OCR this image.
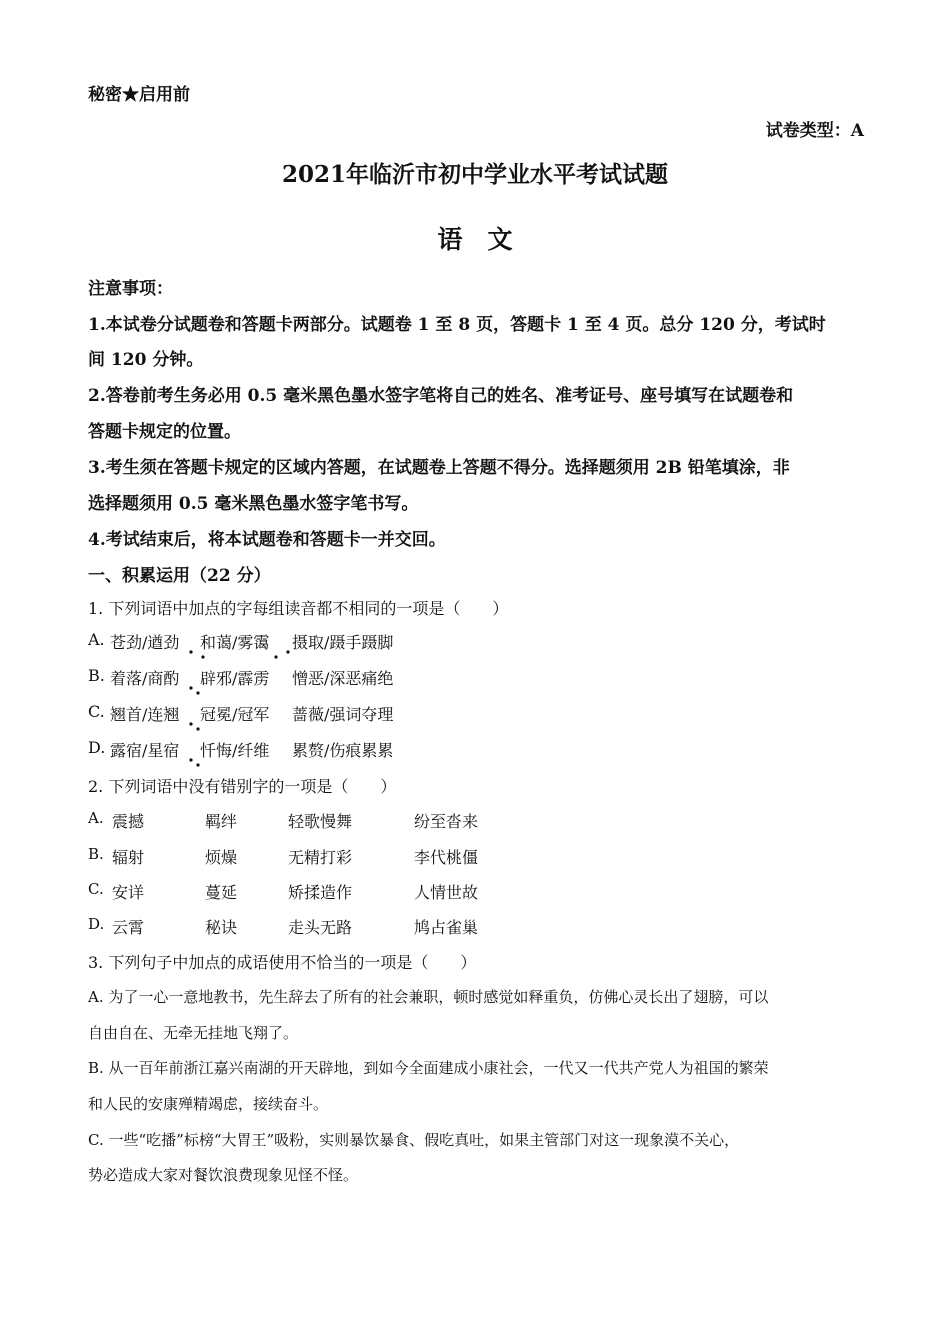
秘密★启用前
试卷类型：A
2021年临沂市初中学业水平考试试题
语　文
注意事项：
1.本试卷分试题卷和答题卡两部分。试题卷 1 至 8 页，答题卡 1 至 4 页。总分 120 分，考试时
间 120 分钟。
2.答卷前考生务必用 0.5 毫米黑色墨水签字笔将自己的姓名、准考证号、座号填写在试题卷和
答题卡规定的位置。
3.考生须在答题卡规定的区域内答题，在试题卷上答题不得分。选择题须用 2B 铅笔填涂，非
选择题须用 0.5 毫米黑色墨水签字笔书写。
4.考试结束后，将本试题卷和答题卡一并交回。
一、积累运用（22 分）
1. 下列词语中加点的字每组读音都不相同的一项是（　　）
A. 苍劲/遒劲 和蔼/雾霭 摄取/蹑手蹑脚
B. 着落/商酌 辟邪/霹雳 憎恶/深恶痛绝
C. 翘首/连翘 冠冕/冠军 蔷薇/强词夺理
D. 露宿/星宿 忏悔/纤维 累赘/伤痕累累
2. 下列词语中没有错别字的一项是（　　）
A. 震撼	羁绊	轻歌慢舞	纷至沓来
B. 辐射	烦燥	无精打彩	李代桃僵
C. 安详	蔓延	矫揉造作	人情世故
D. 云霄	秘诀	走头无路	鸠占雀巢
3. 下列句子中加点的成语使用不恰当的一项是（　　）
A. 为了一心一意地教书，先生辞去了所有的社会兼职，顿时感觉如释重负，仿佛心灵长出了翅膀，可以
自由自在、无牵无挂地飞翔了。
B. 从一百年前浙江嘉兴南湖的开天辟地，到如今全面建成小康社会，一代又一代共产党人为祖国的繁荣
和人民的安康殚精竭虑，接续奋斗。
C. 一些“吃播”标榜“大胃王”吸粉，实则暴饮暴食、假吃真吐，如果主管部门对这一现象漠不关心，
势必造成大家对餐饮浪费现象见怪不怪。
